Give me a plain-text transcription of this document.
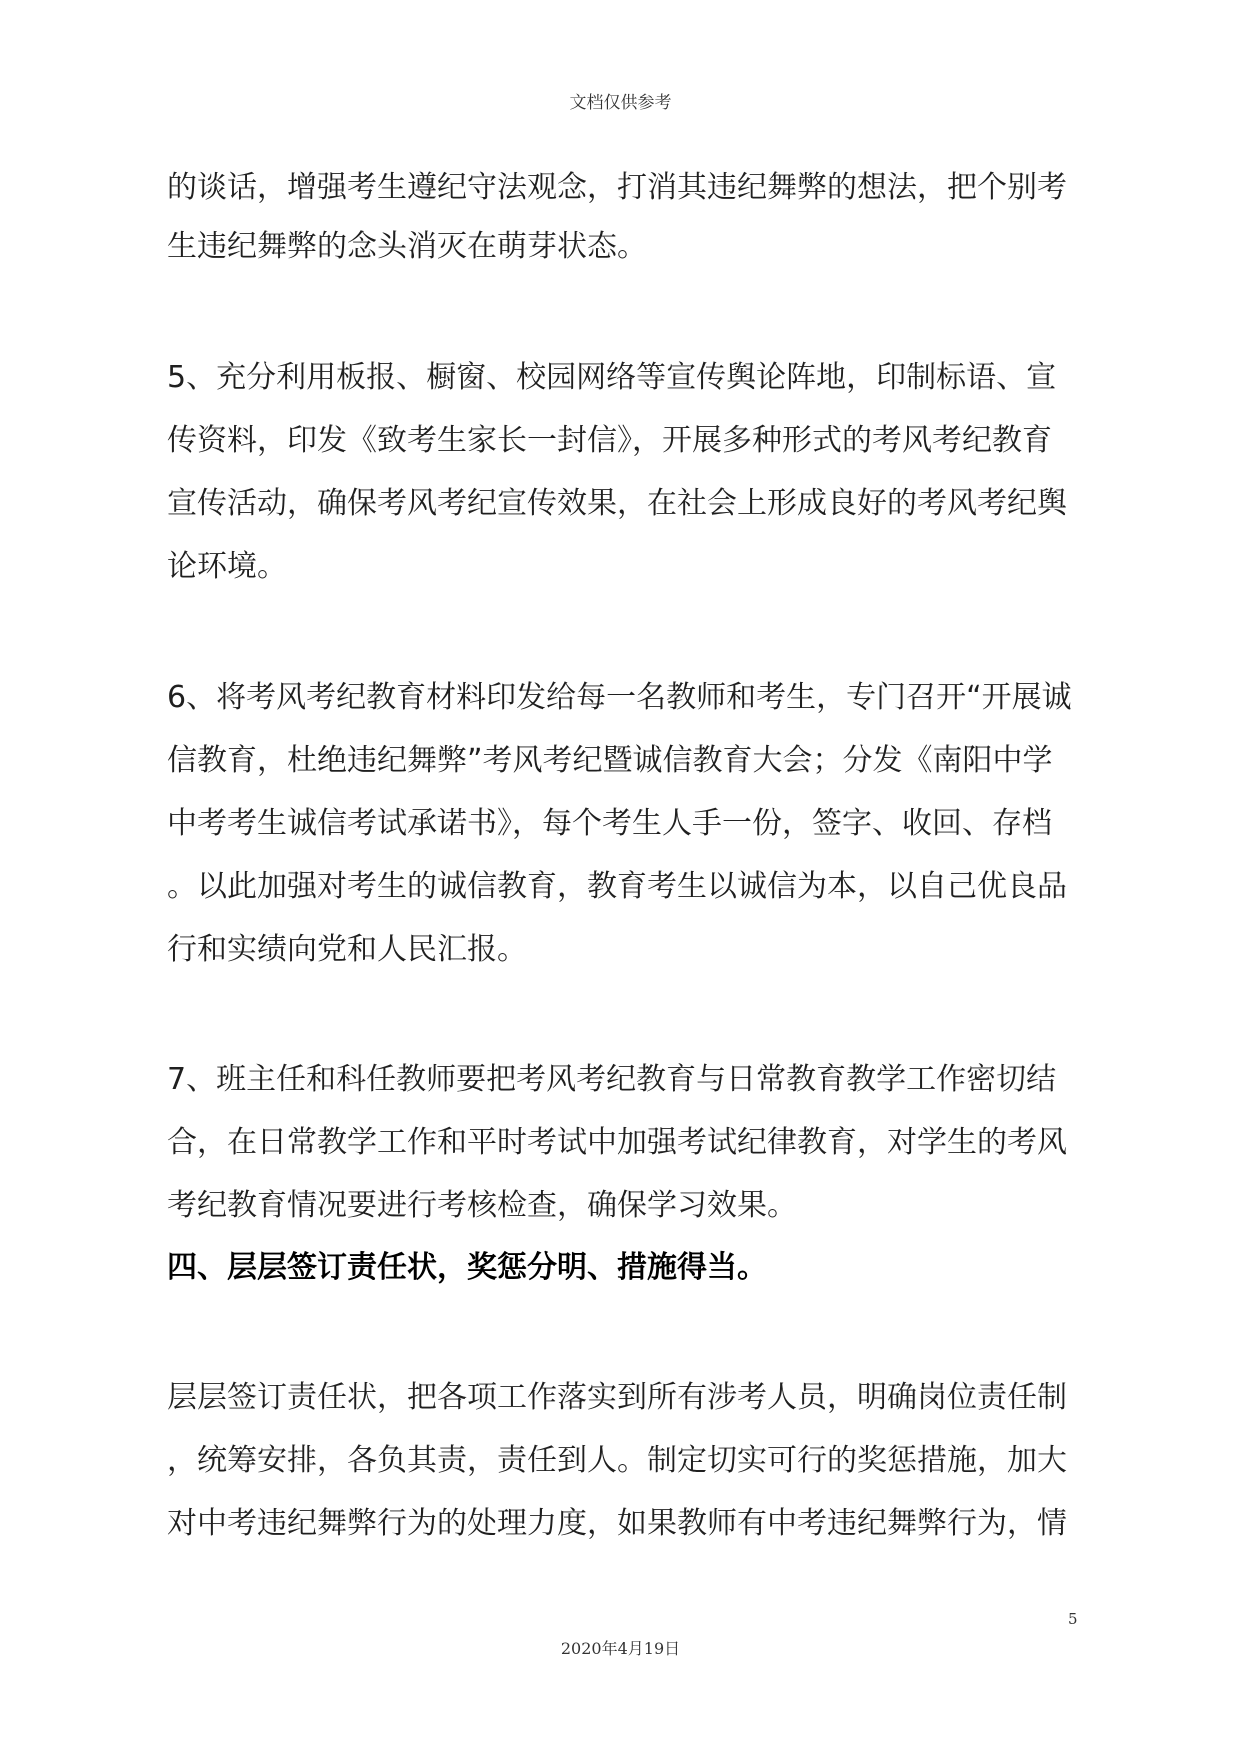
文档仅供参考
的谈话，增强考生遵纪守法观念，打消其违纪舞弊的想法，把个别考
生违纪舞弊的念头消灭在萌芽状态。
5、充分利用板报、橱窗、校园网络等宣传舆论阵地，印制标语、宣
传资料，印发《致考生家长一封信》，开展多种形式的考风考纪教育
宣传活动，确保考风考纪宣传效果，在社会上形成良好的考风考纪舆
论环境。
6、将考风考纪教育材料印发给每一名教师和考生，专门召开“开展诚
信教育，杜绝违纪舞弊”考风考纪暨诚信教育大会；分发《南阳中学
中考考生诚信考试承诺书》，每个考生人手一份，签字、收回、存档
。以此加强对考生的诚信教育，教育考生以诚信为本，以自己优良品
行和实绩向党和人民汇报。
7、班主任和科任教师要把考风考纪教育与日常教育教学工作密切结
合，在日常教学工作和平时考试中加强考试纪律教育，对学生的考风
考纪教育情况要进行考核检查，确保学习效果。
四、层层签订责任状，奖惩分明、措施得当。
层层签订责任状，把各项工作落实到所有涉考人员，明确岗位责任制
，统筹安排，各负其责，责任到人。制定切实可行的奖惩措施，加大
对中考违纪舞弊行为的处理力度，如果教师有中考违纪舞弊行为，情
5
2020年4月19日
